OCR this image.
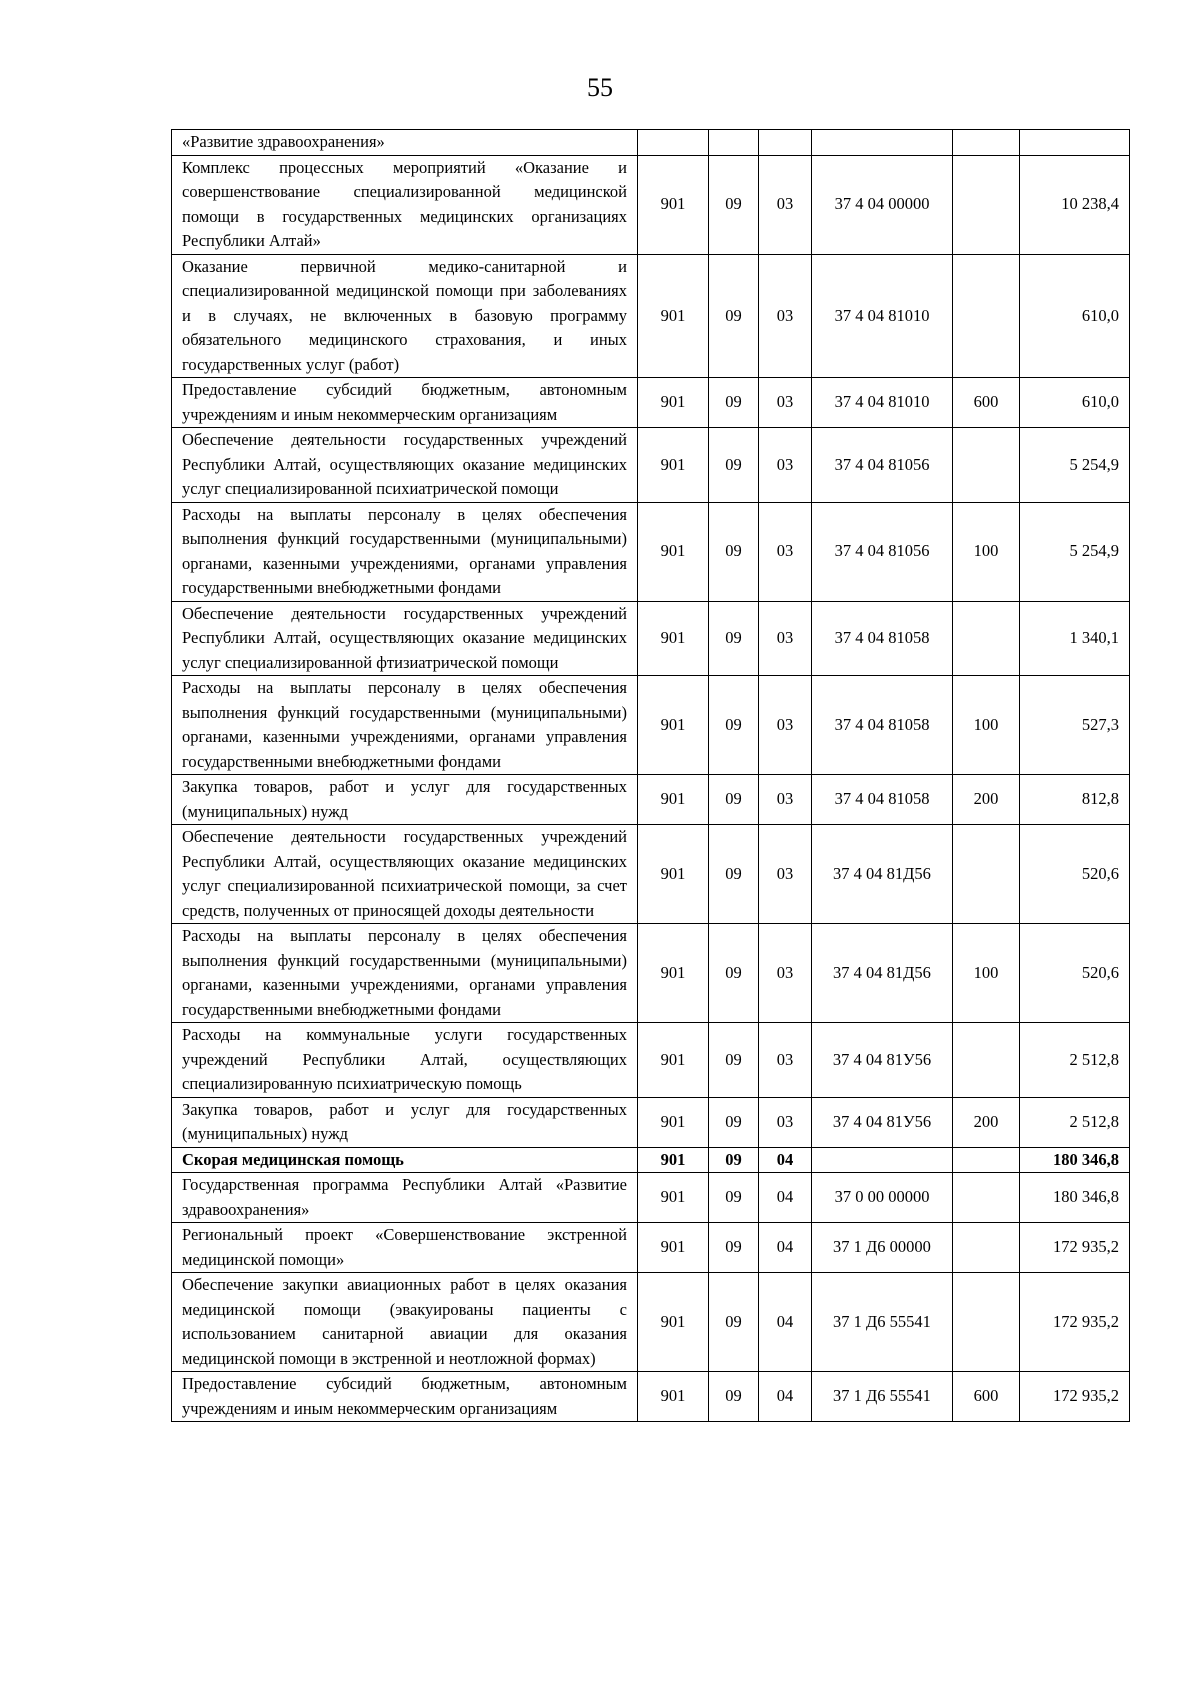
55
«Развитие здравоохранения»						
Комплекс процессных мероприятий «Оказание и совершенствование специализированной медицинской помощи в государственных медицинских организациях Республики Алтай»	901	09	03	37 4 04 00000		10 238,4
Оказание первичной медико-санитарной и специализированной медицинской помощи при заболеваниях и в случаях, не включенных в базовую программу обязательного медицинского страхования, и иных государственных услуг (работ)	901	09	03	37 4 04 81010		610,0
Предоставление субсидий бюджетным, автономным учреждениям и иным некоммерческим организациям	901	09	03	37 4 04 81010	600	610,0
Обеспечение деятельности государственных учреждений Республики Алтай, осуществляющих оказание медицинских услуг специализированной психиатрической помощи	901	09	03	37 4 04 81056		5 254,9
Расходы на выплаты персоналу в целях обеспечения выполнения функций государственными (муниципальными) органами, казенными учреждениями, органами управления государственными внебюджетными фондами	901	09	03	37 4 04 81056	100	5 254,9
Обеспечение деятельности государственных учреждений Республики Алтай, осуществляющих оказание медицинских услуг специализированной фтизиатрической помощи	901	09	03	37 4 04 81058		1 340,1
Расходы на выплаты персоналу в целях обеспечения выполнения функций государственными (муниципальными) органами, казенными учреждениями, органами управления государственными внебюджетными фондами	901	09	03	37 4 04 81058	100	527,3
Закупка товаров, работ и услуг для государственных (муниципальных) нужд	901	09	03	37 4 04 81058	200	812,8
Обеспечение деятельности государственных учреждений Республики Алтай, осуществляющих оказание медицинских услуг специализированной психиатрической помощи, за счет средств, полученных от приносящей доходы деятельности	901	09	03	37 4 04 81Д56		520,6
Расходы на выплаты персоналу в целях обеспечения выполнения функций государственными (муниципальными) органами, казенными учреждениями, органами управления государственными внебюджетными фондами	901	09	03	37 4 04 81Д56	100	520,6
Расходы на коммунальные услуги государственных учреждений Республики Алтай, осуществляющих специализированную психиатрическую помощь	901	09	03	37 4 04 81У56		2 512,8
Закупка товаров, работ и услуг для государственных (муниципальных) нужд	901	09	03	37 4 04 81У56	200	2 512,8
Скорая медицинская помощь	901	09	04			180 346,8
Государственная программа Республики Алтай «Развитие здравоохранения»	901	09	04	37 0 00 00000		180 346,8
Региональный проект «Совершенствование экстренной медицинской помощи»	901	09	04	37 1 Д6 00000		172 935,2
Обеспечение закупки авиационных работ в целях оказания медицинской помощи (эвакуированы пациенты с использованием санитарной авиации для оказания медицинской помощи в экстренной и неотложной формах)	901	09	04	37 1 Д6 55541		172 935,2
Предоставление субсидий бюджетным, автономным учреждениям и иным некоммерческим организациям	901	09	04	37 1 Д6 55541	600	172 935,2
